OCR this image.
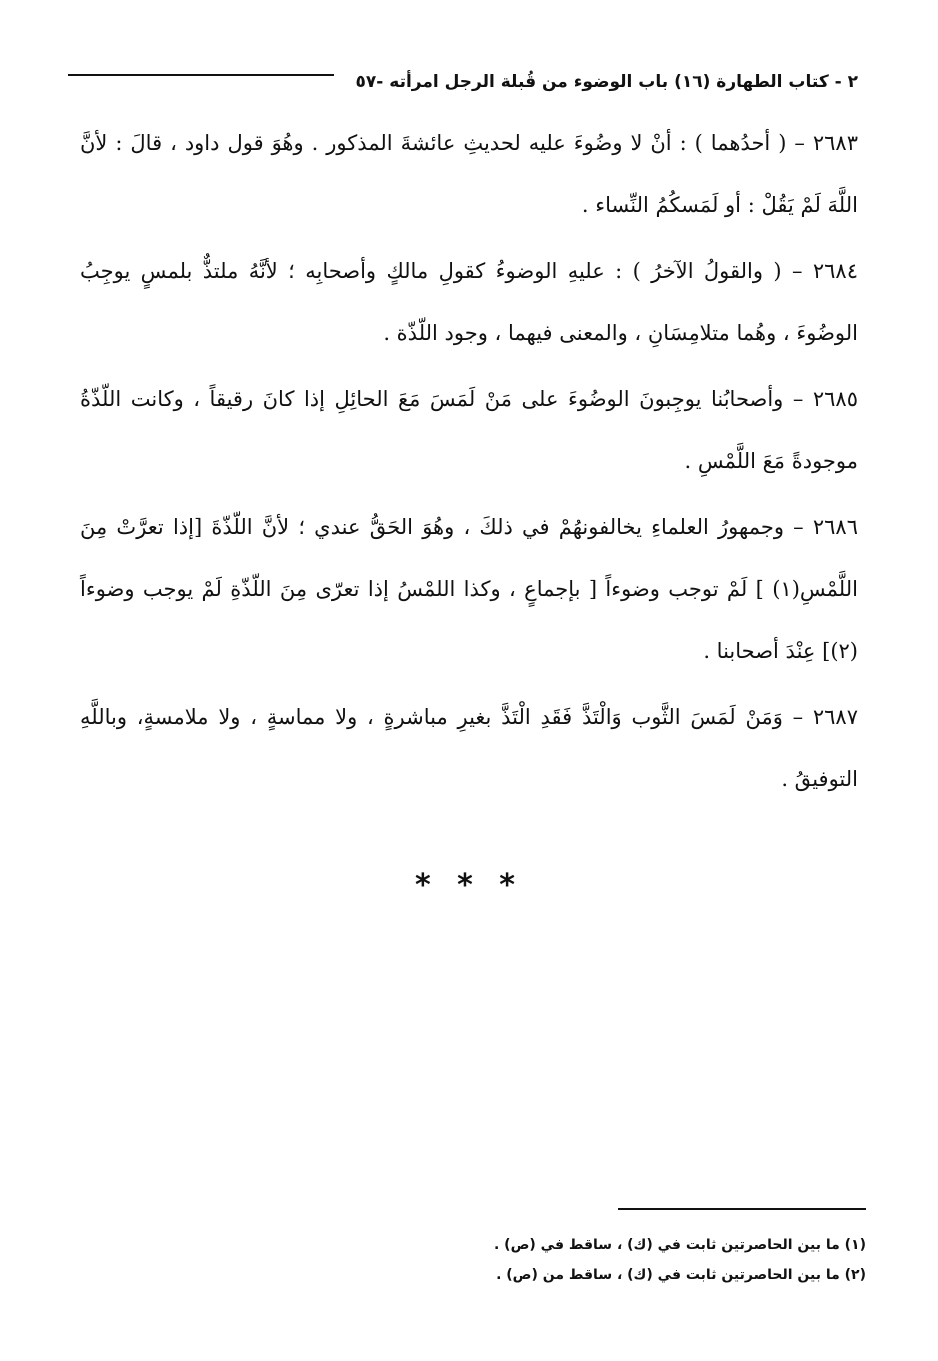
٢ - كتاب الطهارة (١٦) باب الوضوء من قُبلة الرجل امرأته -٥٧

٢٦٨٣ – ( أحدُهما ) : أنْ لا وضُوءَ عليه لحديثِ عائشةَ المذكور . وهُوَ قول داود ، قالَ : لأنَّ اللَّهَ لَمْ يَقُلْ : أو لَمَسكُمُ النِّساء .

٢٦٨٤ – ( والقولُ الآخرُ ) : عليهِ الوضوءُ كقولِ مالكٍ وأصحابِه ؛ لأنَّهُ ملتذٌّ بلمسٍ يوجِبُ الوضُوءَ ، وهُما متلامِسَانِ ، والمعنى فيهما ، وجود اللّذّة .

٢٦٨٥ – وأصحابُنا يوجِبونَ الوضُوءَ على مَنْ لَمَسَ مَعَ الحائِلِ إذا كانَ رقيقاً ، وكانت اللّذّةُ موجودةً مَعَ اللَّمْسِ .

٢٦٨٦ – وجمهورُ العلماءِ يخالفونهُمْ في ذلكَ ، وهُوَ الحَقُّ عندي ؛ لأنَّ اللّذّةَ [إذا تعرَّتْ مِنَ اللَّمْسِ(١) ] لَمْ توجب وضوءاً [ بإجماعٍ ، وكذا اللمْسُ إذا تعرّى مِنَ اللّذّةِ لَمْ يوجب وضوءاً (٢)] عِنْدَ أصحابنا .

٢٦٨٧ – وَمَنْ لَمَسَ الثَّوب وَالْتَذَّ فَقَدِ الْتَذَّ بغيرِ مباشرةٍ ، ولا مماسةٍ ، ولا ملامسةٍ، وباللَّهِ التوفيقُ .

* * *

(١) ما بين الحاصرتين ثابت في (ك) ، ساقط في (ص) .

(٢) ما بين الحاصرتين ثابت في (ك) ، ساقط من (ص) .
